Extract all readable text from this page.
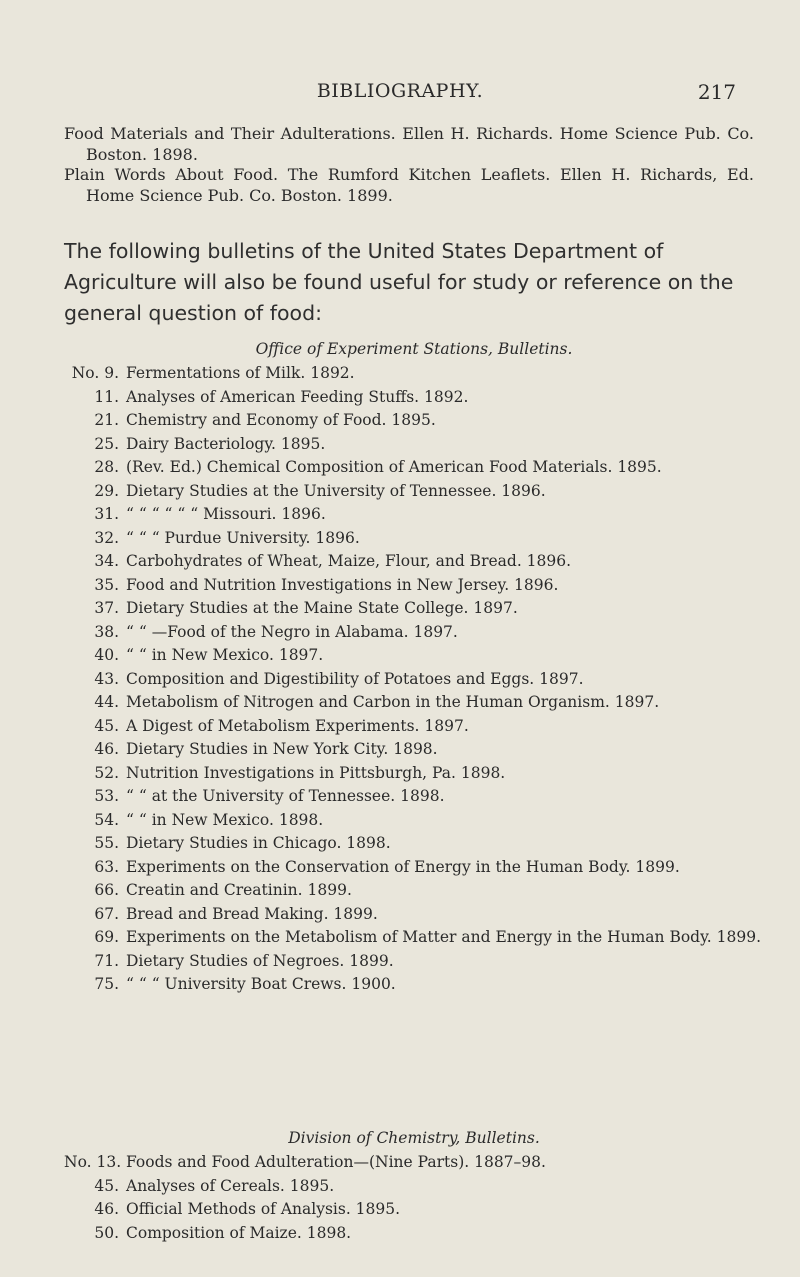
BIBLIOGRAPHY.	217

Food Materials and Their Adulterations. Ellen H. Richards. Home Science Pub. Co. Boston. 1898.

Plain Words About Food. The Rumford Kitchen Leaflets. Ellen H. Richards, Ed. Home Science Pub. Co. Boston. 1899.

The following bulletins of the United States Department of Agriculture will also be found useful for study or reference on the general question of food:

Office of Experiment Stations, Bulletins.

No. 9. Fermentations of Milk. 1892.
11. Analyses of American Feeding Stuffs. 1892.
21. Chemistry and Economy of Food. 1895.
25. Dairy Bacteriology. 1895.
28. (Rev. Ed.) Chemical Composition of American Food Materials. 1895.
29. Dietary Studies at the University of Tennessee. 1896.
31. “ “ “ “ “ “ Missouri. 1896.
32. “ “ “ Purdue University. 1896.
34. Carbohydrates of Wheat, Maize, Flour, and Bread. 1896.
35. Food and Nutrition Investigations in New Jersey. 1896.
37. Dietary Studies at the Maine State College. 1897.
38. “ “ —Food of the Negro in Alabama. 1897.
40. “ “ in New Mexico. 1897.
43. Composition and Digestibility of Potatoes and Eggs. 1897.
44. Metabolism of Nitrogen and Carbon in the Human Organism. 1897.
45. A Digest of Metabolism Experiments. 1897.
46. Dietary Studies in New York City. 1898.
52. Nutrition Investigations in Pittsburgh, Pa. 1898.
53. “ “ at the University of Tennessee. 1898.
54. “ “ in New Mexico. 1898.
55. Dietary Studies in Chicago. 1898.
63. Experiments on the Conservation of Energy in the Human Body. 1899.
66. Creatin and Creatinin. 1899.
67. Bread and Bread Making. 1899.
69. Experiments on the Metabolism of Matter and Energy in the Human Body. 1899.
71. Dietary Studies of Negroes. 1899.
75. “ “ “ University Boat Crews. 1900.

Division of Chemistry, Bulletins.

No. 13. Foods and Food Adulteration—(Nine Parts). 1887–98.
45. Analyses of Cereals. 1895.
46. Official Methods of Analysis. 1895.
50. Composition of Maize. 1898.
